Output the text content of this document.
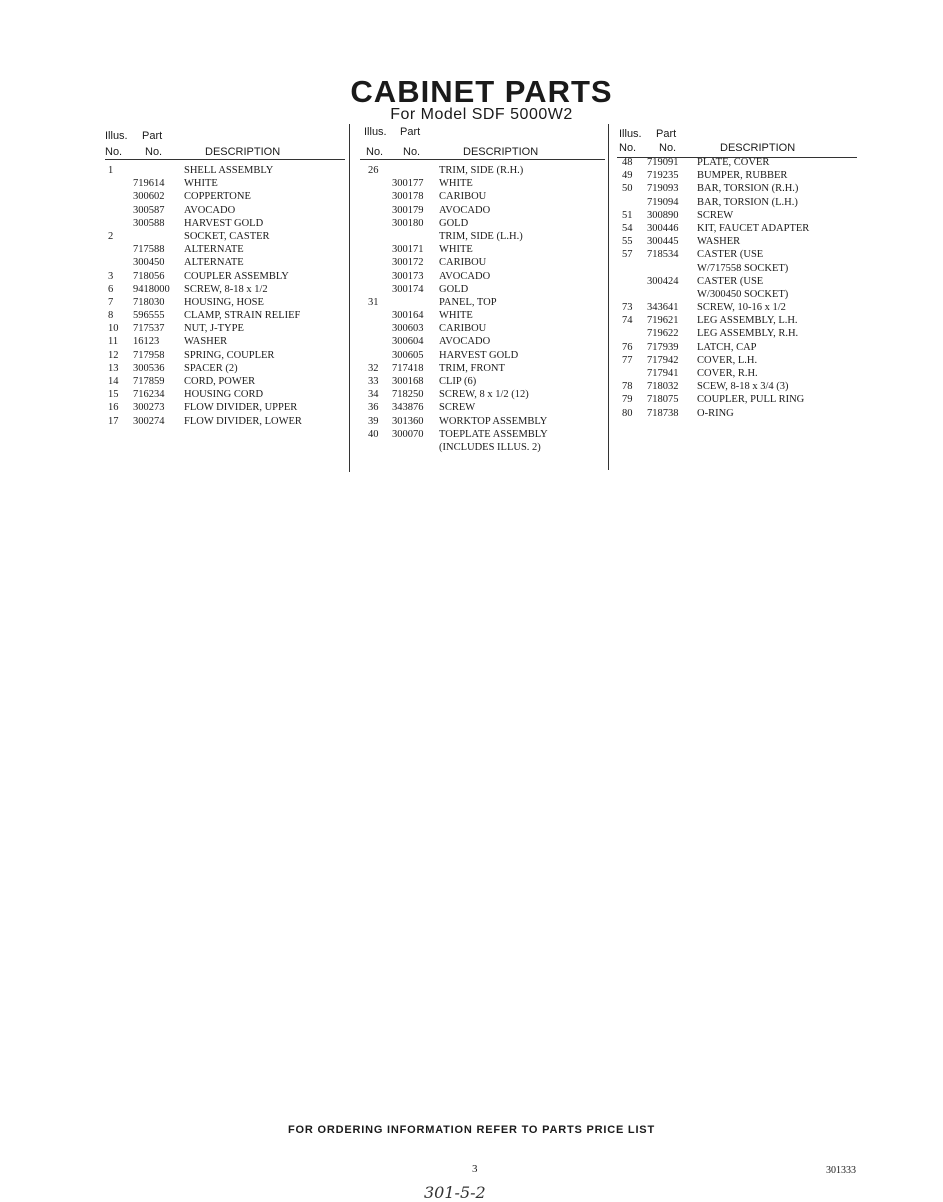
CABINET PARTS
For Model SDF 5000W2
Illus. Part
No. No.	DESCRIPTION
1	SHELL ASSEMBLY
719614 WHITE
300602 COPPERTONE
300587 AVOCADO
300588 HARVEST GOLD
2	SOCKET, CASTER
717588 ALTERNATE
300450 ALTERNATE
3 718056 COUPLER ASSEMBLY
6 9418000 SCREW, 8-18 x 1/2
7 718030 HOUSING, HOSE
8 596555 CLAMP, STRAIN RELIEF
10 717537 NUT, J-TYPE
11 16123 WASHER
12 717958 SPRING, COUPLER
13 300536 SPACER (2)
14 717859 CORD, POWER
15 716234 HOUSING CORD
16 300273 FLOW DIVIDER, UPPER
17 300274 FLOW DIVIDER, LOWER
Illus. Part
No. No.	DESCRIPTION
26	TRIM, SIDE (R.H.)
300177 WHITE
300178 CARIBOU
300179 AVOCADO
300180 GOLD
TRIM, SIDE (L.H.)
300171 WHITE
300172 CARIBOU
300173 AVOCADO
300174 GOLD
31	PANEL, TOP
300164 WHITE
300603 CARIBOU
300604 AVOCADO
300605 HARVEST GOLD
32 717418 TRIM, FRONT
33 300168 CLIP (6)
34 718250 SCREW, 8 x 1/2 (12)
36 343876 SCREW
39 301360 WORKTOP ASSEMBLY
40 300070 TOEPLATE ASSEMBLY
(INCLUDES ILLUS. 2)
Illus. Part
No. No.	DESCRIPTION
48 719091 PLATE, COVER
49 719235 BUMPER, RUBBER
50 719093 BAR, TORSION (R.H.)
719094 BAR, TORSION (L.H.)
51 300890 SCREW
54 300446 KIT, FAUCET ADAPTER
55 300445 WASHER
57 718534 CASTER (USE
W/717558 SOCKET)
300424 CASTER (USE
W/300450 SOCKET)
73 343641 SCREW, 10-16 x 1/2
74 719621 LEG ASSEMBLY, L.H.
719622 LEG ASSEMBLY, R.H.
76 717939 LATCH, CAP
77 717942 COVER, L.H.
717941 COVER, R.H.
78 718032 SCEW, 8-18 x 3/4 (3)
79 718075 COUPLER, PULL RING
80 718738 O-RING
FOR ORDERING INFORMATION REFER TO PARTS PRICE LIST
3	301333
301-5-2
